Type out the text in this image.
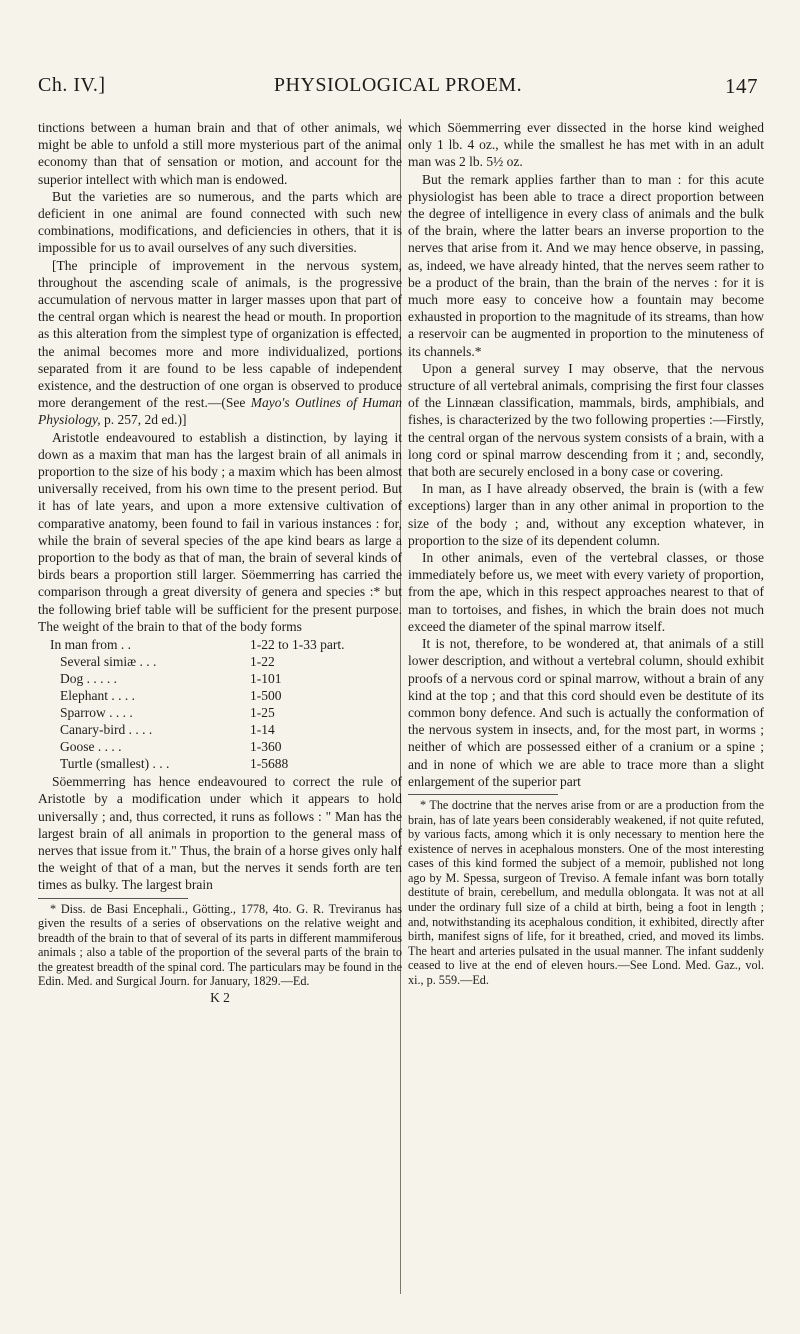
Ch. IV.]	PHYSIOLOGICAL PROEM.	147

tinctions between a human brain and that of other animals, we might be able to unfold a still more mysterious part of the animal economy than that of sensation or motion, and account for the superior intellect with which man is endowed.

But the varieties are so numerous, and the parts which are deficient in one animal are found connected with such new combinations, modifications, and deficiencies in others, that it is impossible for us to avail ourselves of any such diversities.

[The principle of improvement in the nervous system, throughout the ascending scale of animals, is the progressive accumulation of nervous matter in larger masses upon that part of the central organ which is nearest the head or mouth. In proportion as this alteration from the simplest type of organization is effected, the animal becomes more and more individualized, portions separated from it are found to be less capable of independent existence, and the destruction of one organ is observed to produce more derangement of the rest.—(See Mayo's Outlines of Human Physiology, p. 257, 2d ed.)]

Aristotle endeavoured to establish a distinction, by laying it down as a maxim that man has the largest brain of all animals in proportion to the size of his body ; a maxim which has been almost universally received, from his own time to the present period. But it has of late years, and upon a more extensive cultivation of comparative anatomy, been found to fail in various instances : for, while the brain of several species of the ape kind bears as large a proportion to the body as that of man, the brain of several kinds of birds bears a proportion still larger. Söemmerring has carried the comparison through a great diversity of genera and species :* but the following brief table will be sufficient for the present purpose. The weight of the brain to that of the body forms

In man from . .	1-22 to 1-33 part.
Several simiæ . . .	1-22
Dog . . . . .	1-101
Elephant . . . .	1-500
Sparrow . . . .	1-25
Canary-bird . . . .	1-14
Goose . . . .	1-360
Turtle (smallest) . . .	1-5688

Söemmerring has hence endeavoured to correct the rule of Aristotle by a modification under which it appears to hold universally ; and, thus corrected, it runs as follows : " Man has the largest brain of all animals in proportion to the general mass of nerves that issue from it." Thus, the brain of a horse gives only half the weight of that of a man, but the nerves it sends forth are ten times as bulky. The largest brain

* Diss. de Basi Encephali., Götting., 1778, 4to. G. R. Treviranus has given the results of a series of observations on the relative weight and breadth of the brain to that of several of its parts in different mammiferous animals ; also a table of the proportion of the several parts of the brain to the greatest breadth of the spinal cord. The particulars may be found in the Edin. Med. and Surgical Journ. for January, 1829.—Ed.

K 2

which Söemmerring ever dissected in the horse kind weighed only 1 lb. 4 oz., while the smallest he has met with in an adult man was 2 lb. 5½ oz.

But the remark applies farther than to man : for this acute physiologist has been able to trace a direct proportion between the degree of intelligence in every class of animals and the bulk of the brain, where the latter bears an inverse proportion to the nerves that arise from it. And we may hence observe, in passing, as, indeed, we have already hinted, that the nerves seem rather to be a product of the brain, than the brain of the nerves : for it is much more easy to conceive how a fountain may become exhausted in proportion to the magnitude of its streams, than how a reservoir can be augmented in proportion to the minuteness of its channels.*

Upon a general survey I may observe, that the nervous structure of all vertebral animals, comprising the first four classes of the Linnæan classification, mammals, birds, amphibials, and fishes, is characterized by the two following properties :—Firstly, the central organ of the nervous system consists of a brain, with a long cord or spinal marrow descending from it ; and, secondly, that both are securely enclosed in a bony case or covering.

In man, as I have already observed, the brain is (with a few exceptions) larger than in any other animal in proportion to the size of the body ; and, without any exception whatever, in proportion to the size of its dependent column.

In other animals, even of the vertebral classes, or those immediately before us, we meet with every variety of proportion, from the ape, which in this respect approaches nearest to that of man to tortoises, and fishes, in which the brain does not much exceed the diameter of the spinal marrow itself.

It is not, therefore, to be wondered at, that animals of a still lower description, and without a vertebral column, should exhibit proofs of a nervous cord or spinal marrow, without a brain of any kind at the top ; and that this cord should even be destitute of its common bony defence. And such is actually the conformation of the nervous system in insects, and, for the most part, in worms ; neither of which are possessed either of a cranium or a spine ; and in none of which we are able to trace more than a slight enlargement of the superior part

* The doctrine that the nerves arise from or are a production from the brain, has of late years been considerably weakened, if not quite refuted, by various facts, among which it is only necessary to mention here the existence of nerves in acephalous monsters. One of the most interesting cases of this kind formed the subject of a memoir, published not long ago by M. Spessa, surgeon of Treviso. A female infant was born totally destitute of brain, cerebellum, and medulla oblongata. It was not at all under the ordinary full size of a child at birth, being a foot in length ; and, notwithstanding its acephalous condition, it exhibited, directly after birth, manifest signs of life, for it breathed, cried, and moved its limbs. The heart and arteries pulsated in the usual manner. The infant suddenly ceased to live at the end of eleven hours.—See Lond. Med. Gaz., vol. xi., p. 559.—Ed.
